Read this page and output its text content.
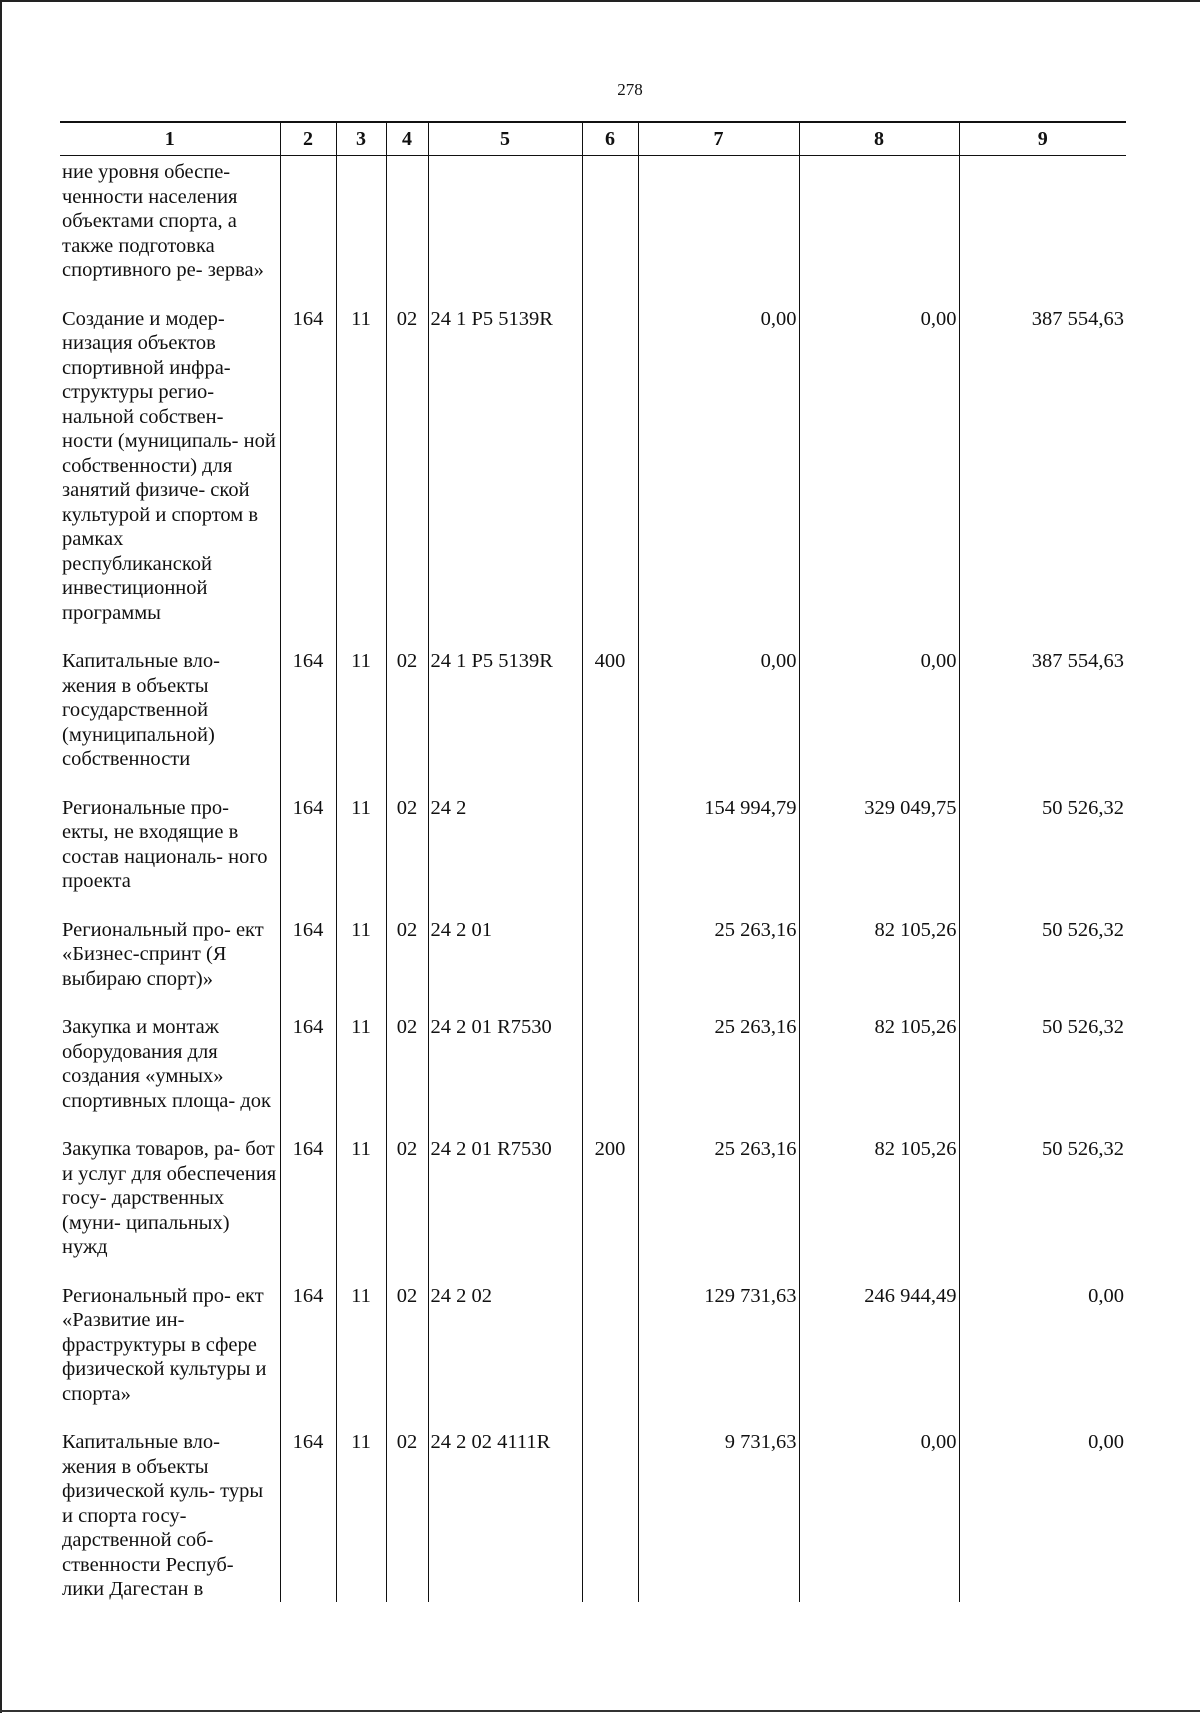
278
1	2	3	4	5	6	7	8	9
ние уровня обеспе- ченности населения объектами спорта, а также подготовка спортивного ре- зерва»								
Создание и модер- низация объектов спортивной инфра- структуры регио- нальной собствен- ности (муниципаль- ной собственности) для занятий физиче- ской культурой и спортом в рамках республиканской инвестиционной программы	164	11	02	24 1 P5 5139R		0,00	0,00	387 554,63
Капитальные вло- жения в объекты государственной (муниципальной) собственности	164	11	02	24 1 P5 5139R	400	0,00	0,00	387 554,63
Региональные про- екты, не входящие в состав националь- ного проекта	164	11	02	24 2		154 994,79	329 049,75	50 526,32
Региональный про- ект «Бизнес-спринт (Я выбираю спорт)»	164	11	02	24 2 01		25 263,16	82 105,26	50 526,32
Закупка и монтаж оборудования для создания «умных» спортивных площа- док	164	11	02	24 2 01 R7530		25 263,16	82 105,26	50 526,32
Закупка товаров, ра- бот и услуг для обеспечения госу- дарственных (муни- ципальных) нужд	164	11	02	24 2 01 R7530	200	25 263,16	82 105,26	50 526,32
Региональный про- ект «Развитие ин- фраструктуры в сфере физической культуры и спорта»	164	11	02	24 2 02		129 731,63	246 944,49	0,00
Капитальные вло- жения в объекты физической куль- туры и спорта госу- дарственной соб- ственности Респуб- лики Дагестан в	164	11	02	24 2 02 4111R		9 731,63	0,00	0,00
